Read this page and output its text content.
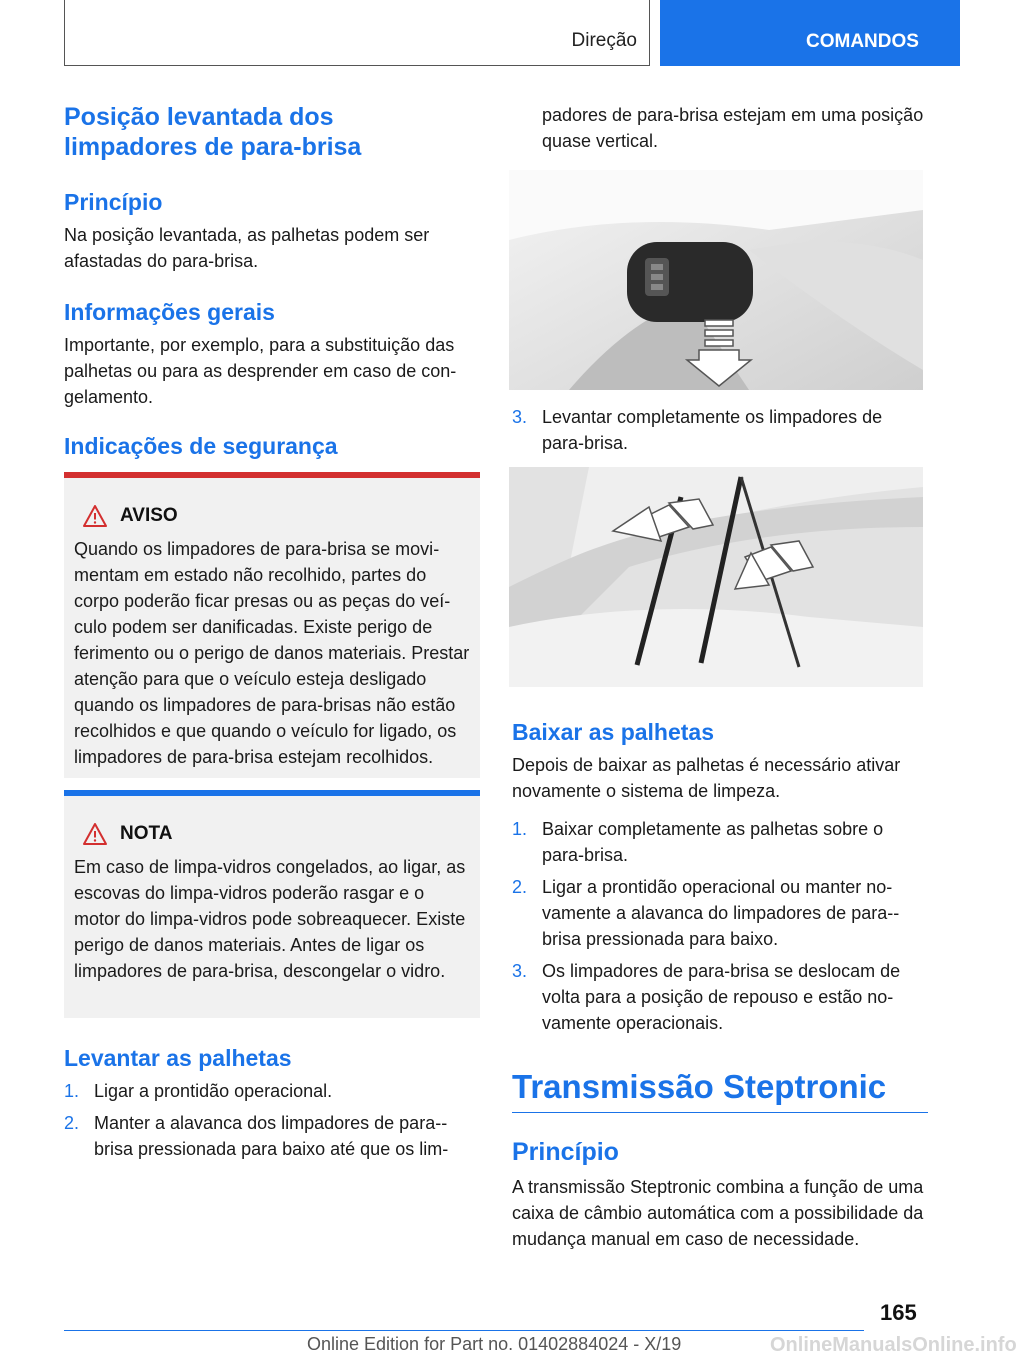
Direção	COMANDOS
Posição levantada dos
limpadores de para-brisa
Princípio

Na posição levantada, as palhetas podem ser afastadas do para-brisa.

Informações gerais

Importante, por exemplo, para a substituição das palhetas ou para as desprender em caso de congelamento.

Indicações de segurança
AVISO

Quando os limpadores de para-brisa se movimentam em estado não recolhido, partes do corpo poderão ficar presas ou as peças do veículo podem ser danificadas. Existe perigo de ferimento ou o perigo de danos materiais. Prestar atenção para que o veículo esteja desligado quando os limpadores de para-brisas não estão recolhidos e que quando o veículo for ligado, os limpadores de para-brisa estejam recolhidos.

NOTA

Em caso de limpa-vidros congelados, ao ligar, as escovas do limpa-vidros poderão rasgar e o motor do limpa-vidros pode sobreaquecer. Existe perigo de danos materiais. Antes de ligar os limpadores de para-brisa, descongelar o vidro.

Levantar as palhetas
1. Ligar a prontidão operacional.
2. Manter a alavanca dos limpadores de para--brisa pressionada para baixo até que os lim-

padores de para-brisa estejam em uma posição quase vertical.

3. Levantar completamente os limpadores de para-brisa.
Baixar as palhetas

Depois de baixar as palhetas é necessário ativar novamente o sistema de limpeza.

1. Baixar completamente as palhetas sobre o para-brisa.
2. Ligar a prontidão operacional ou manter novamente a alavanca do limpadores de para--brisa pressionada para baixo.
3. Os limpadores de para-brisa se deslocam de volta para a posição de repouso e estão novamente operacionais.
Transmissão Steptronic
Princípio

A transmissão Steptronic combina a função de uma caixa de câmbio automática com a possibilidade da mudança manual em caso de necessidade.

165
Online Edition for Part no. 01402884024 - X/19	OnlineManualsOnline.info
